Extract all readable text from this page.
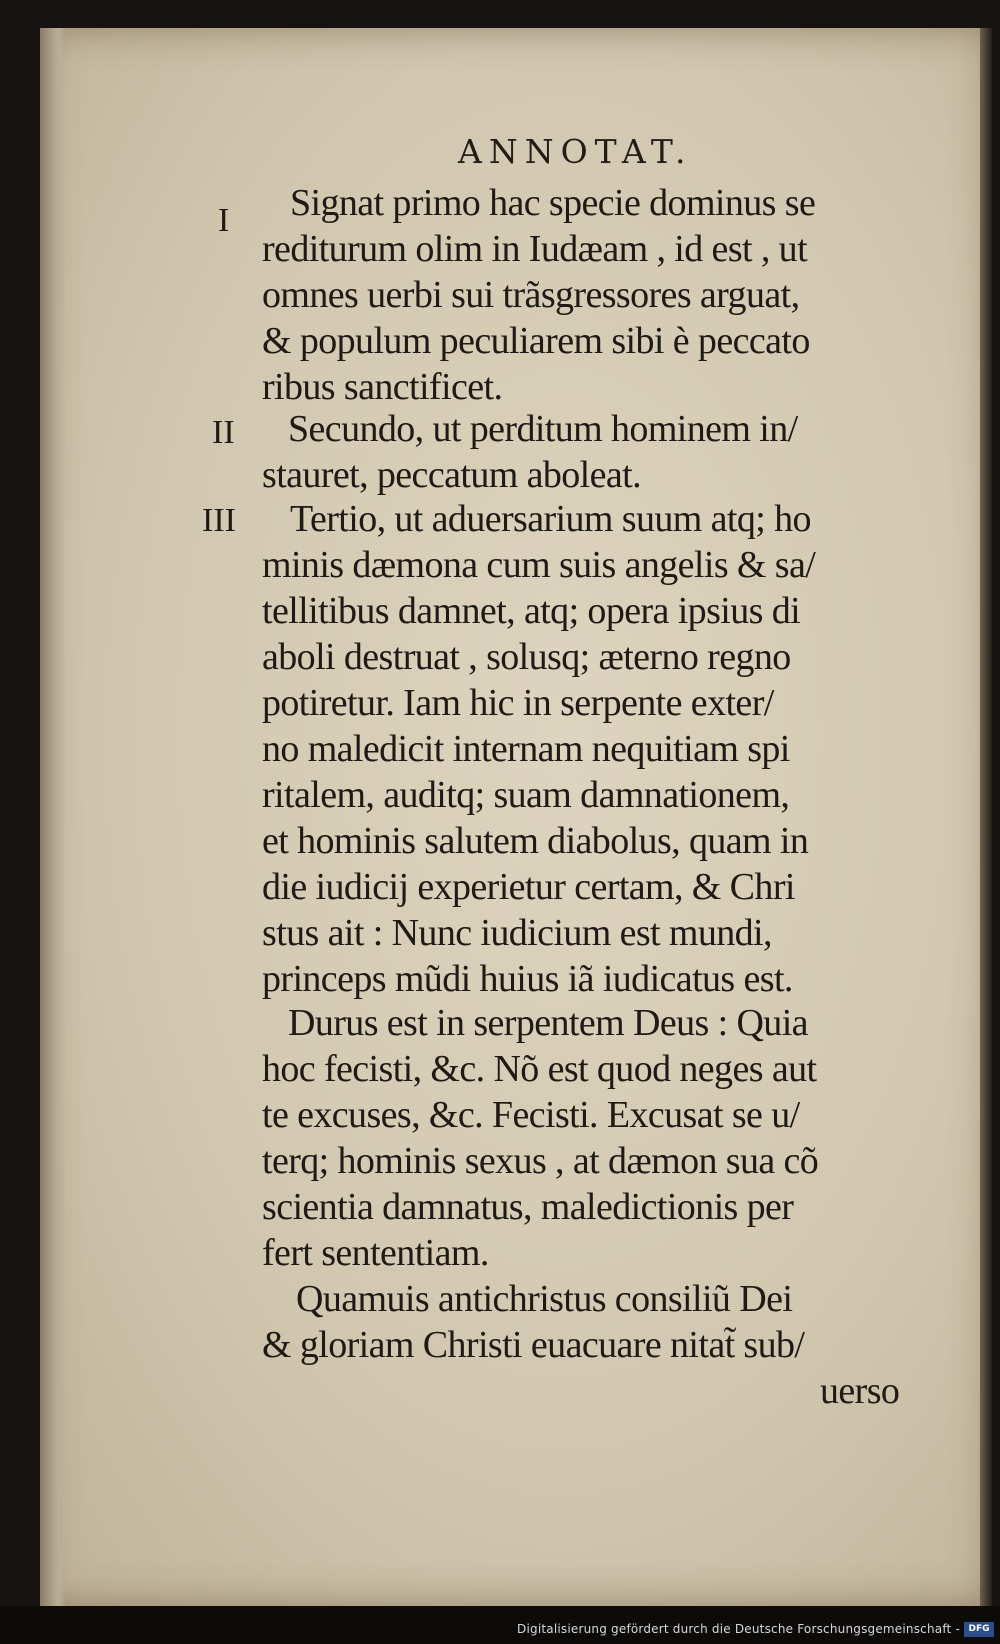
ANNOTAT.
I
II
III
Signat primo hac specie dominus se
rediturum olim in Iudæam , id est , ut
omnes uerbi sui trãsgressores arguat,
& populum peculiarem sibi è peccato
ribus sanctificet.
Secundo, ut perditum hominem in/
stauret, peccatum aboleat.
Tertio, ut aduersarium suum atq; ho
minis dæmona cum suis angelis & sa/
tellitibus damnet, atq; opera ipsius di
aboli destruat , solusq; æterno regno
potiretur. Iam hic in serpente exter/
no maledicit internam nequitiam spi
ritalem, auditq; suam damnationem,
et hominis salutem diabolus, quam in
die iudicij experietur certam, & Chri
stus ait : Nunc iudicium est mundi,
princeps mũdi huius iã iudicatus est.
Durus est in serpentem Deus : Quia
hoc fecisti, &c. Nõ est quod neges aut
te excuses, &c. Fecisti. Excusat se u/
terq; hominis sexus , at dæmon sua cõ
scientia damnatus, maledictionis per
fert sententiam.
Quamuis antichristus consiliũ Dei
& gloriam Christi euacuare nitat̃ sub/
uerso
Digitalisierung gefördert durch die Deutsche Forschungsgemeinschaft - DFG
